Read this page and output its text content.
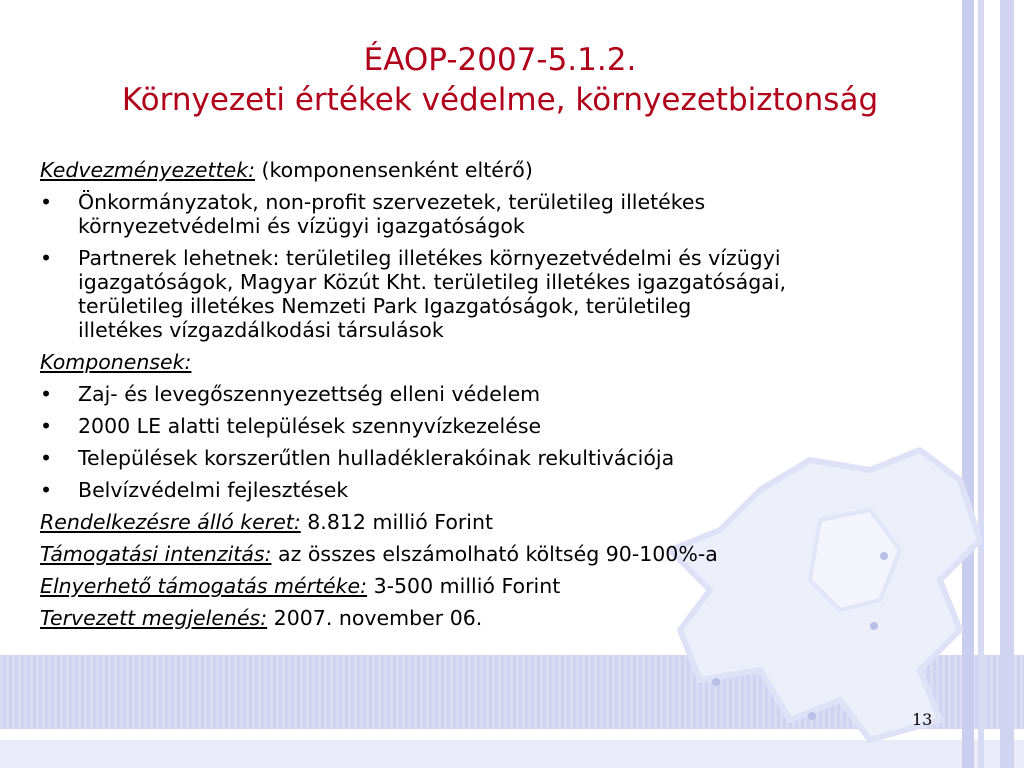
ÉAOP-2007-5.1.2.
Környezeti értékek védelme, környezetbiztonság

Kedvezményezettek: (komponensenként eltérő)

• Önkormányzatok, non-profit szervezetek, területileg illetékes
környezetvédelmi és vízügyi igazgatóságok
• Partnerek lehetnek: területileg illetékes környezetvédelmi és vízügyi
igazgatóságok, Magyar Közút Kht. területileg illetékes igazgatóságai,
területileg illetékes Nemzeti Park Igazgatóságok, területileg
illetékes vízgazdálkodási társulások

Komponensek:

• Zaj- és levegőszennyezettség elleni védelem
• 2000 LE alatti települések szennyvízkezelése
• Települések korszerűtlen hulladéklerakóinak rekultivációja
• Belvízvédelmi fejlesztések

Rendelkezésre álló keret: 8.812 millió Forint

Támogatási intenzitás: az összes elszámolható költség 90-100%-a

Elnyerhető támogatás mértéke: 3-500 millió Forint

Tervezett megjelenés: 2007. november 06.

13
